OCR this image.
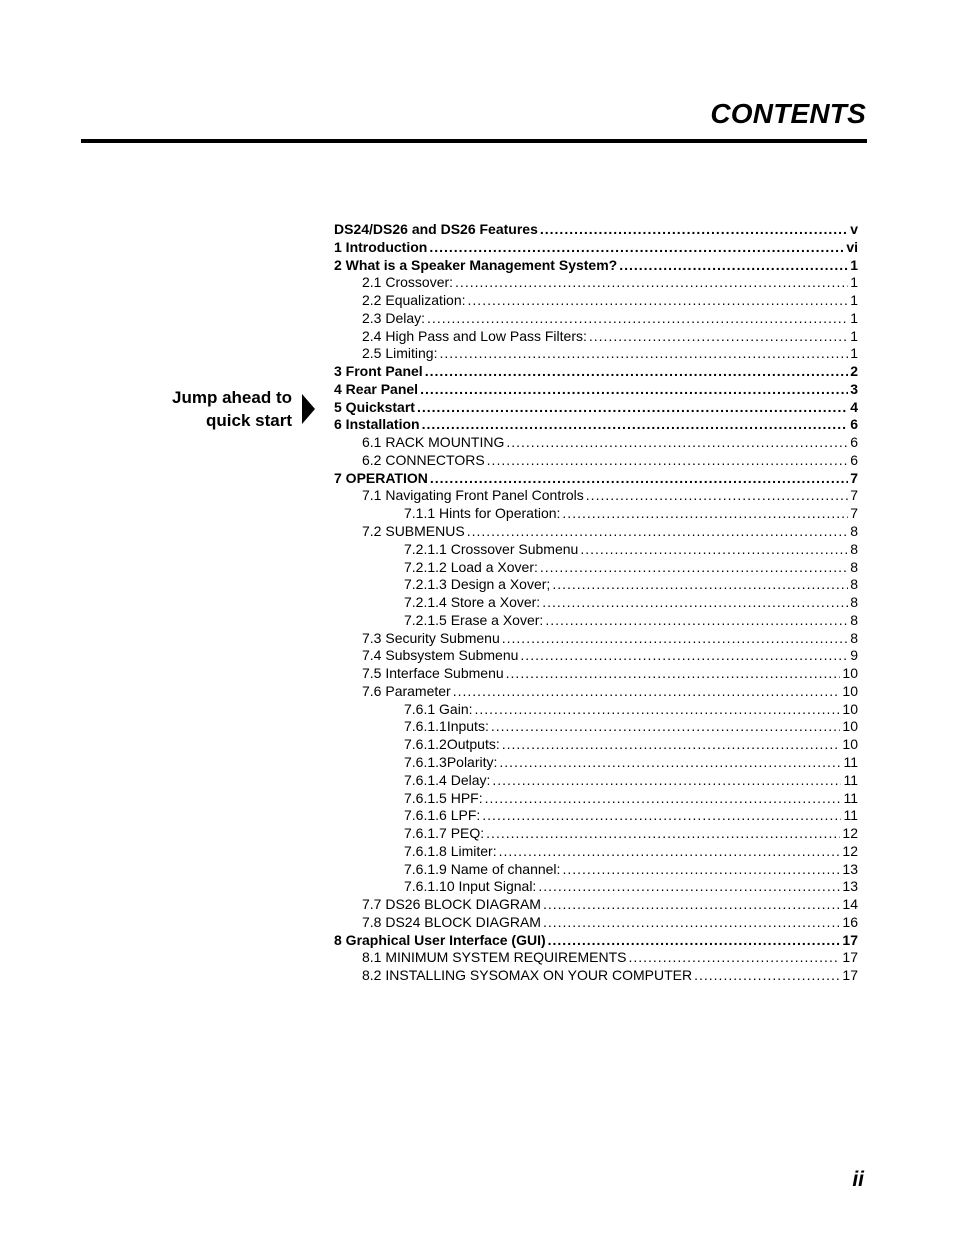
CONTENTS
Jump ahead to
quick start
DS24/DS26 and DS26 Features .....	v
1 Introduction .....	vi
2 What is a Speaker Management System? .....	1
2.1 Crossover: .....	1
2.2 Equalization: .....	1
2.3 Delay: .....	1
2.4 High Pass and Low Pass Filters: .....	1
2.5 Limiting: .....	1
3 Front Panel .....	2
4 Rear Panel .....	3
5 Quickstart .....	4
6 Installation .....	6
6.1 RACK MOUNTING .....	6
6.2 CONNECTORS .....	6
7 OPERATION .....	7
7.1 Navigating Front Panel Controls .....	7
7.1.1 Hints for Operation: .....	7
7.2 SUBMENUS .....	8
7.2.1.1 Crossover Submenu .....	8
7.2.1.2 Load a Xover: .....	8
7.2.1.3 Design a Xover; .....	8
7.2.1.4 Store a Xover: .....	8
7.2.1.5 Erase a Xover: .....	8
7.3 Security Submenu .....	8
7.4 Subsystem Submenu .....	9
7.5 Interface Submenu .....	10
7.6 Parameter .....	10
7.6.1 Gain: .....	10
7.6.1.1Inputs: .....	10
7.6.1.2Outputs: .....	10
7.6.1.3Polarity: .....	11
7.6.1.4 Delay: .....	11
7.6.1.5 HPF: .....	11
7.6.1.6 LPF: .....	11
7.6.1.7 PEQ: .....	12
7.6.1.8 Limiter: .....	12
7.6.1.9 Name of channel: .....	13
7.6.1.10 Input Signal: .....	13
7.7 DS26 BLOCK DIAGRAM .....	14
7.8 DS24 BLOCK DIAGRAM .....	16
8 Graphical User Interface (GUI) .....	17
8.1 MINIMUM SYSTEM REQUIREMENTS .....	17
8.2 INSTALLING SYSOMAX ON YOUR COMPUTER .....	17
ii
